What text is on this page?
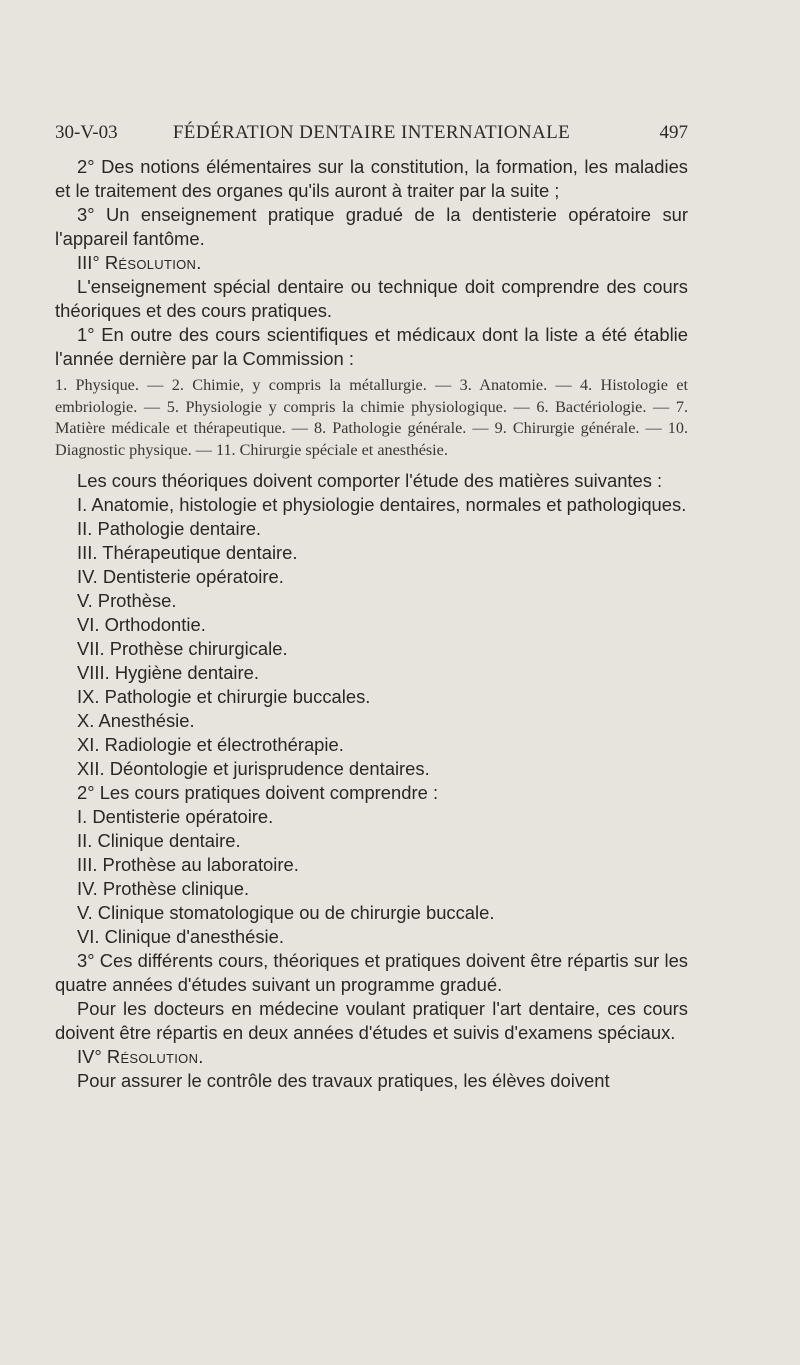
30-V-03	FÉDÉRATION DENTAIRE INTERNATIONALE	497

2° Des notions élémentaires sur la constitution, la formation, les maladies et le traitement des organes qu'ils auront à traiter par la suite ;

3° Un enseignement pratique gradué de la dentisterie opératoire sur l'appareil fantôme.

III° Résolution.

L'enseignement spécial dentaire ou technique doit comprendre des cours théoriques et des cours pratiques.

1° En outre des cours scientifiques et médicaux dont la liste a été établie l'année dernière par la Commission :

1. Physique. — 2. Chimie, y compris la métallurgie. — 3. Anatomie. — 4. Histologie et embriologie. — 5. Physiologie y compris la chimie physiologique. — 6. Bactériologie. — 7. Matière médicale et thérapeutique. — 8. Pathologie générale. — 9. Chirurgie générale. — 10. Diagnostic physique. — 11. Chirurgie spéciale et anesthésie.

Les cours théoriques doivent comporter l'étude des matières suivantes :

I. Anatomie, histologie et physiologie dentaires, normales et pathologiques.

II. Pathologie dentaire.

III. Thérapeutique dentaire.

IV. Dentisterie opératoire.

V. Prothèse.

VI. Orthodontie.

VII. Prothèse chirurgicale.

VIII. Hygiène dentaire.

IX. Pathologie et chirurgie buccales.

X. Anesthésie.

XI. Radiologie et électrothérapie.

XII. Déontologie et jurisprudence dentaires.

2° Les cours pratiques doivent comprendre :

I. Dentisterie opératoire.

II. Clinique dentaire.

III. Prothèse au laboratoire.

IV. Prothèse clinique.

V. Clinique stomatologique ou de chirurgie buccale.

VI. Clinique d'anesthésie.

3° Ces différents cours, théoriques et pratiques doivent être répartis sur les quatre années d'études suivant un programme gradué.

Pour les docteurs en médecine voulant pratiquer l'art dentaire, ces cours doivent être répartis en deux années d'études et suivis d'examens spéciaux.

IV° Résolution.

Pour assurer le contrôle des travaux pratiques, les élèves doivent
